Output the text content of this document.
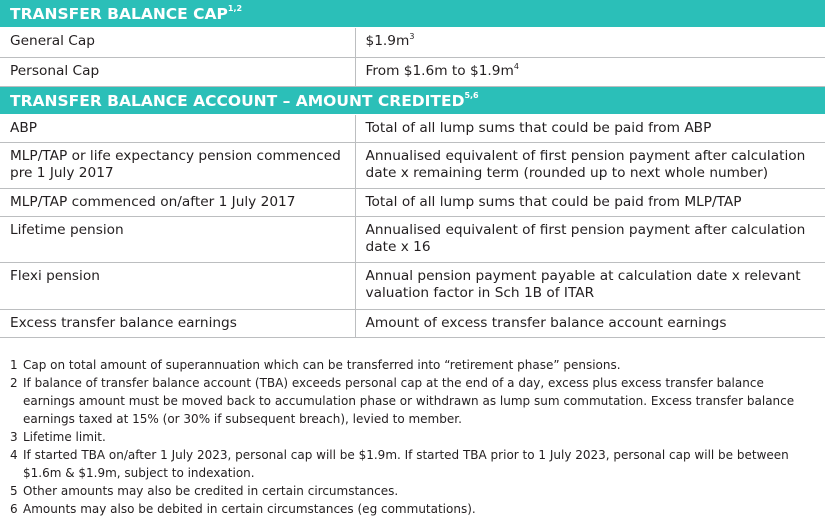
TRANSFER BALANCE CAP$^{1,2}$
General Cap	$\$1.9m^3$
Personal Cap	From $1.6m to $\$1.9m^4$
TRANSFER BALANCE ACCOUNT – AMOUNT CREDITED$^{5,6}$
ABP	Total of all lump sums that could be paid from ABP
MLP/TAP or life expectancy pension commenced pre 1 July 2017	Annualised equivalent of first pension payment after calculation date x remaining term (rounded up to next whole number)
MLP/TAP commenced on/after 1 July 2017	Total of all lump sums that could be paid from MLP/TAP
Lifetime pension	Annualised equivalent of first pension payment after calculation date x 16
Flexi pension	Annual pension payment payable at calculation date x relevant valuation factor in Sch 1B of ITAR
Excess transfer balance earnings	Amount of excess transfer balance account earnings
1 Cap on total amount of superannuation which can be transferred into “retirement phase” pensions.
2 If balance of transfer balance account (TBA) exceeds personal cap at the end of a day, excess plus excess transfer balance earnings amount must be moved back to accumulation phase or withdrawn as lump sum commutation. Excess transfer balance earnings taxed at 15% (or 30% if subsequent breach), levied to member.
3 Lifetime limit.
4 If started TBA on/after 1 July 2023, personal cap will be $1.9m. If started TBA prior to 1 July 2023, personal cap will be between $1.6m & $1.9m, subject to indexation.
5 Other amounts may also be credited in certain circumstances.
6 Amounts may also be debited in certain circumstances (eg commutations).
